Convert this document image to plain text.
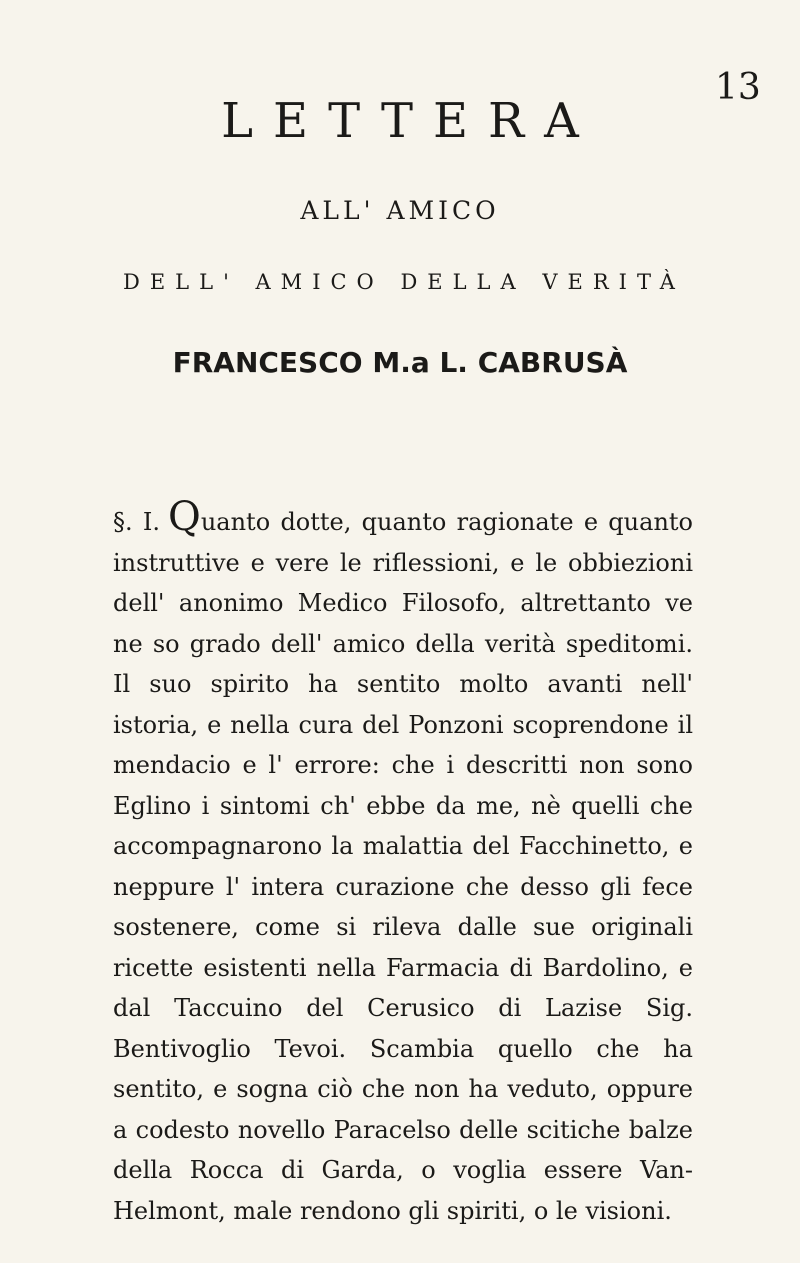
13
LETTERA
ALL' AMICO
DELL' AMICO DELLA VERITÀ
FRANCESCO M.a L. CABRUSÀ

§. I. Quanto dotte, quanto ragionate e quanto instruttive e vere le riflessioni, e le obbiezioni dell' anonimo Medico Filosofo, altrettanto ve ne so grado dell' amico della verità speditomi. Il suo spirito ha sentito molto avanti nell' istoria, e nella cura del Ponzoni scoprendone il mendacio e l' errore: che i descritti non sono Eglino i sintomi ch' ebbe da me, nè quelli che accompagnarono la malattia del Facchinetto, e neppure l' intera curazione che desso gli fece sostenere, come si rileva dalle sue originali ricette esistenti nella Farmacia di Bardolino, e dal Taccuino del Cerusico di Lazise Sig. Bentivoglio Tevoi. Scambia quello che ha sentito, e sogna ciò che non ha veduto, oppure a codesto novello Paracelso delle scitiche balze della Rocca di Garda, o voglia essere Van-Helmont, male rendono gli spiriti, o le visioni.
